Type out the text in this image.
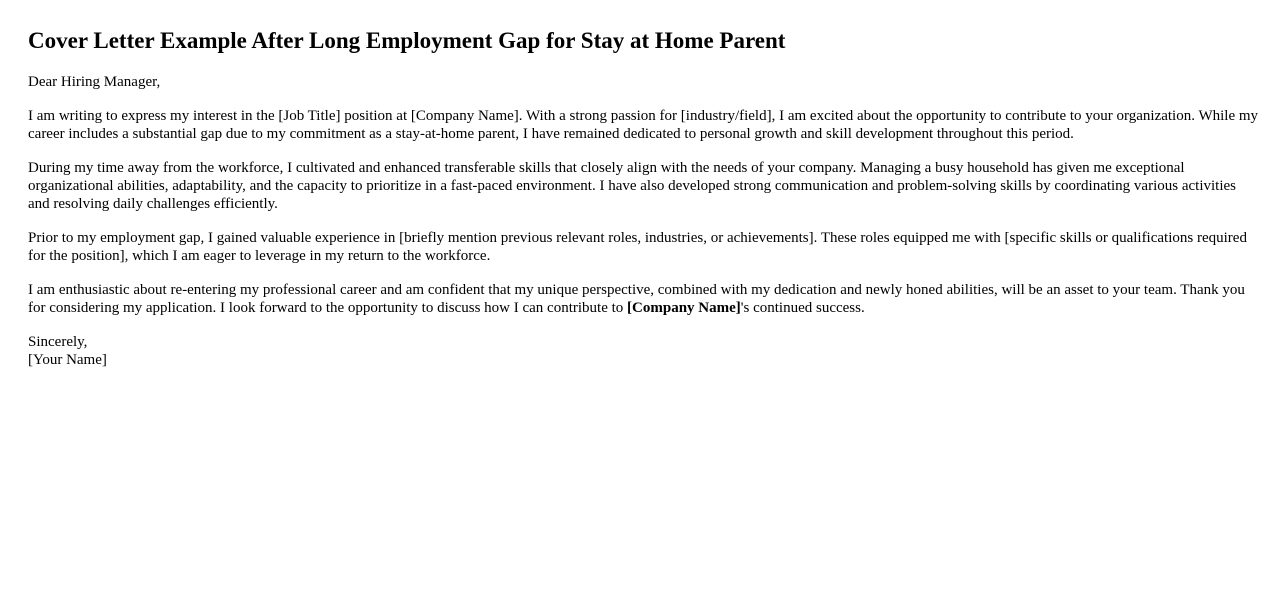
Cover Letter Example After Long Employment Gap for Stay at Home Parent

Dear Hiring Manager,

I am writing to express my interest in the [Job Title] position at [Company Name]. With a strong passion for [industry/field], I am excited about the opportunity to contribute to your organization. While my career includes a substantial gap due to my commitment as a stay-at-home parent, I have remained dedicated to personal growth and skill development throughout this period.

During my time away from the workforce, I cultivated and enhanced transferable skills that closely align with the needs of your company. Managing a busy household has given me exceptional organizational abilities, adaptability, and the capacity to prioritize in a fast-paced environment. I have also developed strong communication and problem-solving skills by coordinating various activities and resolving daily challenges efficiently.

Prior to my employment gap, I gained valuable experience in [briefly mention previous relevant roles, industries, or achievements]. These roles equipped me with [specific skills or qualifications required for the position], which I am eager to leverage in my return to the workforce.

I am enthusiastic about re-entering my professional career and am confident that my unique perspective, combined with my dedication and newly honed abilities, will be an asset to your team. Thank you for considering my application. I look forward to the opportunity to discuss how I can contribute to [Company Name]'s continued success.

Sincerely,
[Your Name]
